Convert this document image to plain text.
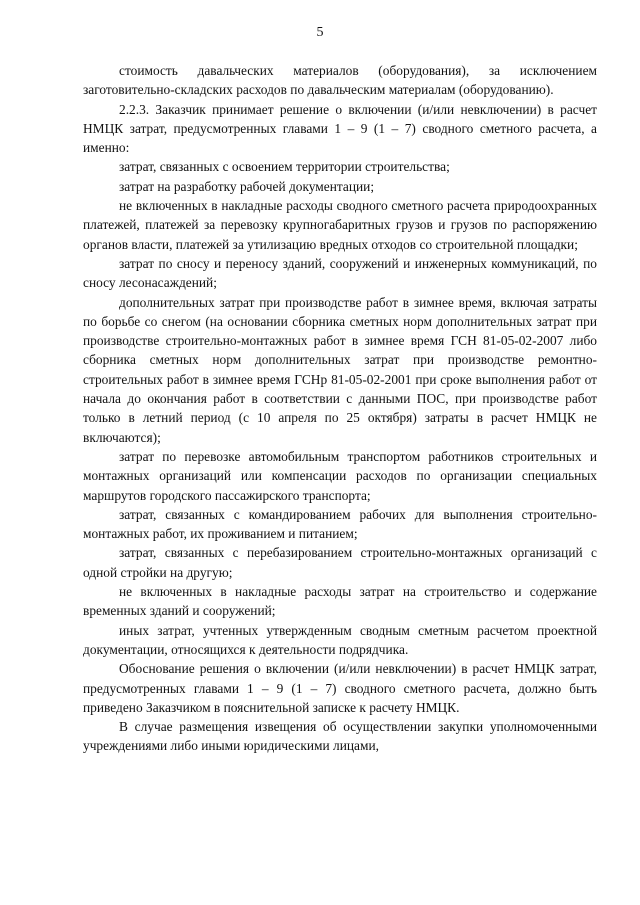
5

стоимость давальческих материалов (оборудования), за исключением заготовительно-складских расходов по давальческим материалам (оборудованию).

2.2.3. Заказчик принимает решение о включении (и/или невключении) в расчет НМЦК затрат, предусмотренных главами 1 – 9 (1 – 7) сводного сметного расчета, а именно:

затрат, связанных с освоением территории строительства;

затрат на разработку рабочей документации;

не включенных в накладные расходы сводного сметного расчета природоохранных платежей, платежей за перевозку крупногабаритных грузов и грузов по распоряжению органов власти, платежей за утилизацию вредных отходов со строительной площадки;

затрат по сносу и переносу зданий, сооружений и инженерных коммуникаций, по сносу лесонасаждений;

дополнительных затрат при производстве работ в зимнее время, включая затраты по борьбе со снегом (на основании сборника сметных норм дополнительных затрат при производстве строительно-монтажных работ в зимнее время ГСН 81-05-02-2007 либо сборника сметных норм дополнительных затрат при производстве ремонтно-строительных работ в зимнее время ГСНр 81-05-02-2001 при сроке выполнения работ от начала до окончания работ в соответствии с данными ПОС, при производстве работ только в летний период (с 10 апреля по 25 октября) затраты в расчет НМЦК не включаются);

затрат по перевозке автомобильным транспортом работников строительных и монтажных организаций или компенсации расходов по организации специальных маршрутов городского пассажирского транспорта;

затрат, связанных с командированием рабочих для выполнения строительно-монтажных работ, их проживанием и питанием;

затрат, связанных с перебазированием строительно-монтажных организаций с одной стройки на другую;

не включенных в накладные расходы затрат на строительство и содержание временных зданий и сооружений;

иных затрат, учтенных утвержденным сводным сметным расчетом проектной документации, относящихся к деятельности подрядчика.

Обоснование решения о включении (и/или невключении) в расчет НМЦК затрат, предусмотренных главами 1 – 9 (1 – 7) сводного сметного расчета, должно быть приведено Заказчиком в пояснительной записке к расчету НМЦК.

В случае размещения извещения об осуществлении закупки уполномоченными учреждениями либо иными юридическими лицами,
